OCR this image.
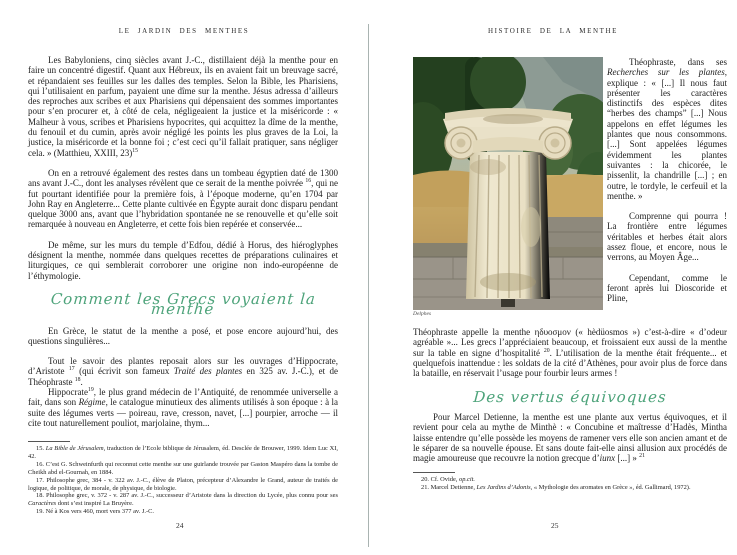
LE JARDIN DES MENTHES

Les Babyloniens, cinq siècles avant J.-C., distillaient déjà la menthe pour en faire un concentré digestif. Quant aux Hébreux, ils en avaient fait un breuvage sacré, et répandaient ses feuilles sur les dalles des temples. Selon la Bible, les Pharisiens, qui l’utilisaient en parfum, payaient une dîme sur la menthe. Jésus adressa d’ailleurs des reproches aux scribes et aux Pharisiens qui dépensaient des sommes importantes pour s’en procurer et, à côté de cela, négligeaient la justice et la miséricorde : « Malheur à vous, scribes et Pharisiens hypocrites, qui acquittez la dîme de la menthe, du fenouil et du cumin, après avoir négligé les points les plus graves de la Loi, la justice, la miséricorde et la bonne foi ; c’est ceci qu’il fallait pratiquer, sans négliger cela. » (Matthieu, XXIII, 23)$^{15}$

On en a retrouvé également des restes dans un tombeau égyptien daté de 1300 ans avant J.-C., dont les analyses révèlent que ce serait de la menthe poivrée $^{16}$, qui ne fut pourtant identifiée pour la première fois, à l’époque moderne, qu’en 1704 par John Ray en Angleterre... Cette plante cultivée en Égypte aurait donc disparu pendant quelque 3000 ans, avant que l’hybridation spontanée ne se renouvelle et qu’elle soit remarquée à nouveau en Angleterre, et cette fois bien repérée et conservée...

De même, sur les murs du temple d’Edfou, dédié à Horus, des hiéroglyphes désignent la menthe, nommée dans quelques recettes de préparations culinaires et liturgiques, ce qui semblerait corroborer une origine non indo-européenne de l’éthymologie.

Comment les Grecs voyaient la menthe

En Grèce, le statut de la menthe a posé, et pose encore aujourd’hui, des questions singulières...

Tout le savoir des plantes reposait alors sur les ouvrages d’Hippocrate, d’Aristote $^{17}$ (qui écrivit son fameux Traité des plantes en 325 av. J.-C.), et de Théophraste $^{18}$.

Hippocrate$^{19}$, le plus grand médecin de l’Antiquité, de renommée universelle a fait, dans son Régime, le catalogue minutieux des aliments utilisés à son époque : à la suite des légumes verts — poireau, rave, cresson, navet, [...] pourpier, arroche — il cite tout naturellement pouliot, marjolaine, thym...

15. La Bible de Jérusalem, traduction de l’Ecole biblique de Jérusalem, éd. Desclée de Brouwer, 1999. Idem Luc XI, 42.

16. C’est G. Schweinfurth qui reconnut cette menthe sur une guirlande trouvée par Gaston Maspéro dans la tombe de Cheikh abd el-Gournah, en 1884.

17. Philosophe grec, 384 - v. 322 av. J.-C., élève de Platon, précepteur d’Alexandre le Grand, auteur de traités de logique, de politique, de morale, de physique, de biologie.

18. Philosophe grec, v. 372 - v. 287 av. J.-C., successeur d’Aristote dans la direction du Lycée, plus connu pour ses Caractères dont s’est inspiré La Bruyère.

19. Né à Kos vers 460, mort vers 377 av. J.-C.

24
HISTOIRE DE LA MENTHE
Delphes

Théophraste, dans ses Recherches sur les plantes, explique : « [...] Il nous faut présenter les caractères distinctifs des espèces dites “herbes des champs” [...] Nous appelons en effet légumes les plantes que nous consommons. [...] Sont appelées légumes évidemment les plantes suivantes : la chicorée, le pissenlit, la chandrille [...] ; en outre, le tordyle, le cerfeuil et la menthe. »

Comprenne qui pourra ! La frontière entre légumes véritables et herbes était alors assez floue, et encore, nous le verrons, au Moyen Âge...

Cependant, comme le feront après lui Dioscoride et Pline,

Théophraste appelle la menthe ηδυοσμον (« hèdüosmos ») c’est-à-dire « d’odeur agréable »... Les grecs l’appréciaient beaucoup, et froissaient eux aussi de la menthe sur la table en signe d’hospitalité $^{20}$. L’utilisation de la menthe était fréquente... et quelquefois inattendue : les soldats de la cité d’Athènes, pour avoir plus de force dans la bataille, en réservait l’usage pour fourbir leurs armes !

Des vertus équivoques

Pour Marcel Detienne, la menthe est une plante aux vertus équivoques, et il revient pour cela au mythe de Minthè : « Concubine et maîtresse d’Hadès, Mintha laisse entendre qu’elle possède les moyens de ramener vers elle son ancien amant et de le séparer de sa nouvelle épouse. Et sans doute fait-elle ainsi allusion aux procédés de magie amoureuse que recouvre la notion grecque d’iunx [...] » $^{21}$

20. Cf. Ovide, op.cit.

21. Marcel Detienne, Les Jardins d’Adonis, « Mythologie des aromates en Grèce », éd. Gallimard, 1972).

25
